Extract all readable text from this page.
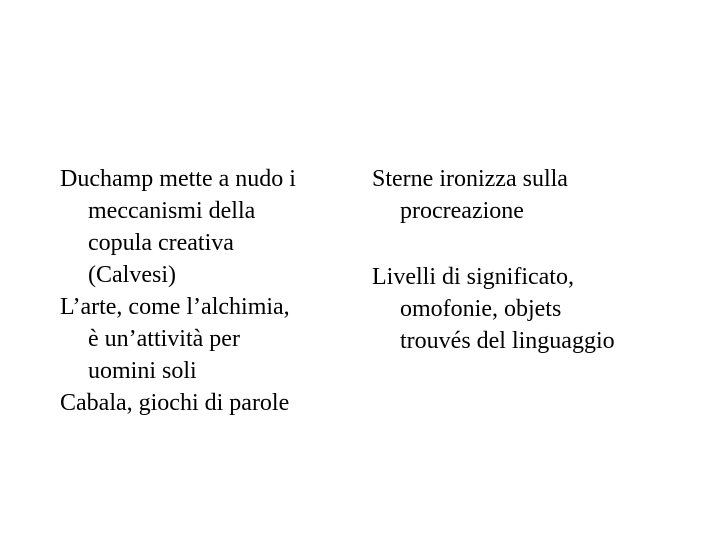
Duchamp mette a nudo i
meccanismi della
copula creativa
(Calvesi)

L’arte, come l’alchimia,
è un’attività per
uomini soli

Cabala, giochi di parole

Sterne ironizza sulla
procreazione

Livelli di significato,
omofonie, objets
trouvés del linguaggio
